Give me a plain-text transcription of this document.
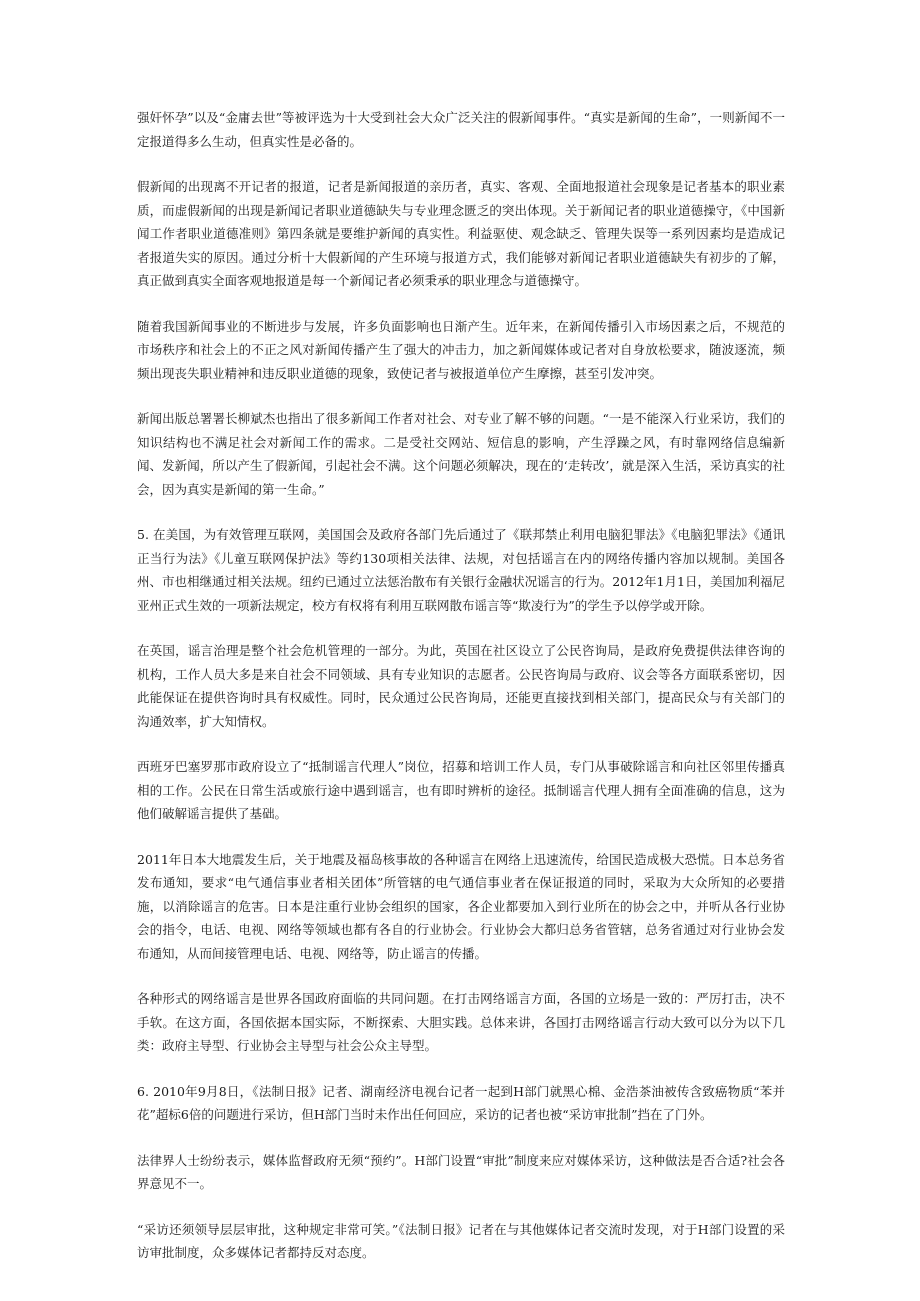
强奸怀孕”以及“金庸去世”等被评选为十大受到社会大众广泛关注的假新闻事件。“真实是新闻的生命”，一则新闻不一定报道得多么生动，但真实性是必备的。

假新闻的出现离不开记者的报道，记者是新闻报道的亲历者，真实、客观、全面地报道社会现象是记者基本的职业素质，而虚假新闻的出现是新闻记者职业道德缺失与专业理念匮乏的突出体现。关于新闻记者的职业道德操守，《中国新闻工作者职业道德准则》第四条就是要维护新闻的真实性。利益驱使、观念缺乏、管理失误等一系列因素均是造成记者报道失实的原因。通过分析十大假新闻的产生环境与报道方式，我们能够对新闻记者职业道德缺失有初步的了解，真正做到真实全面客观地报道是每一个新闻记者必须秉承的职业理念与道德操守。

随着我国新闻事业的不断进步与发展，许多负面影响也日渐产生。近年来，在新闻传播引入市场因素之后，不规范的市场秩序和社会上的不正之风对新闻传播产生了强大的冲击力，加之新闻媒体或记者对自身放松要求，随波逐流，频频出现丧失职业精神和违反职业道德的现象，致使记者与被报道单位产生摩擦，甚至引发冲突。

新闻出版总署署长柳斌杰也指出了很多新闻工作者对社会、对专业了解不够的问题。“一是不能深入行业采访，我们的知识结构也不满足社会对新闻工作的需求。二是受社交网站、短信息的影响，产生浮躁之风，有时靠网络信息编新闻、发新闻，所以产生了假新闻，引起社会不满。这个问题必须解决，现在的‘走转改’，就是深入生活，采访真实的社会，因为真实是新闻的第一生命。”

5. 在美国，为有效管理互联网，美国国会及政府各部门先后通过了《联邦禁止利用电脑犯罪法》《电脑犯罪法》《通讯正当行为法》《儿童互联网保护法》等约130项相关法律、法规，对包括谣言在内的网络传播内容加以规制。美国各州、市也相继通过相关法规。纽约已通过立法惩治散布有关银行金融状况谣言的行为。2012年1月1日，美国加利福尼亚州正式生效的一项新法规定，校方有权将有利用互联网散布谣言等“欺凌行为”的学生予以停学或开除。

在英国，谣言治理是整个社会危机管理的一部分。为此，英国在社区设立了公民咨询局，是政府免费提供法律咨询的机构，工作人员大多是来自社会不同领域、具有专业知识的志愿者。公民咨询局与政府、议会等各方面联系密切，因此能保证在提供咨询时具有权威性。同时，民众通过公民咨询局，还能更直接找到相关部门，提高民众与有关部门的沟通效率，扩大知情权。

西班牙巴塞罗那市政府设立了“抵制谣言代理人”岗位，招募和培训工作人员，专门从事破除谣言和向社区邻里传播真相的工作。公民在日常生活或旅行途中遇到谣言，也有即时辨析的途径。抵制谣言代理人拥有全面准确的信息，这为他们破解谣言提供了基础。

2011年日本大地震发生后，关于地震及福岛核事故的各种谣言在网络上迅速流传，给国民造成极大恐慌。日本总务省发布通知，要求“电气通信事业者相关团体”所管辖的电气通信事业者在保证报道的同时，采取为大众所知的必要措施，以消除谣言的危害。日本是注重行业协会组织的国家，各企业都要加入到行业所在的协会之中，并听从各行业协会的指令，电话、电视、网络等领域也都有各自的行业协会。行业协会大都归总务省管辖，总务省通过对行业协会发布通知，从而间接管理电话、电视、网络等，防止谣言的传播。

各种形式的网络谣言是世界各国政府面临的共同问题。在打击网络谣言方面，各国的立场是一致的：严厉打击，决不手软。在这方面，各国依据本国实际，不断探索、大胆实践。总体来讲，各国打击网络谣言行动大致可以分为以下几类：政府主导型、行业协会主导型与社会公众主导型。

6. 2010年9月8日，《法制日报》记者、湖南经济电视台记者一起到H部门就黑心棉、金浩茶油被传含致癌物质“苯并花”超标6倍的问题进行采访，但H部门当时未作出任何回应，采访的记者也被“采访审批制”挡在了门外。

法律界人士纷纷表示，媒体监督政府无须“预约”。H部门设置“审批”制度来应对媒体采访，这种做法是否合适?社会各界意见不一。

“采访还须领导层层审批，这种规定非常可笑。”《法制日报》记者在与其他媒体记者交流时发现，对于H部门设置的采访审批制度，众多媒体记者都持反对态度。
